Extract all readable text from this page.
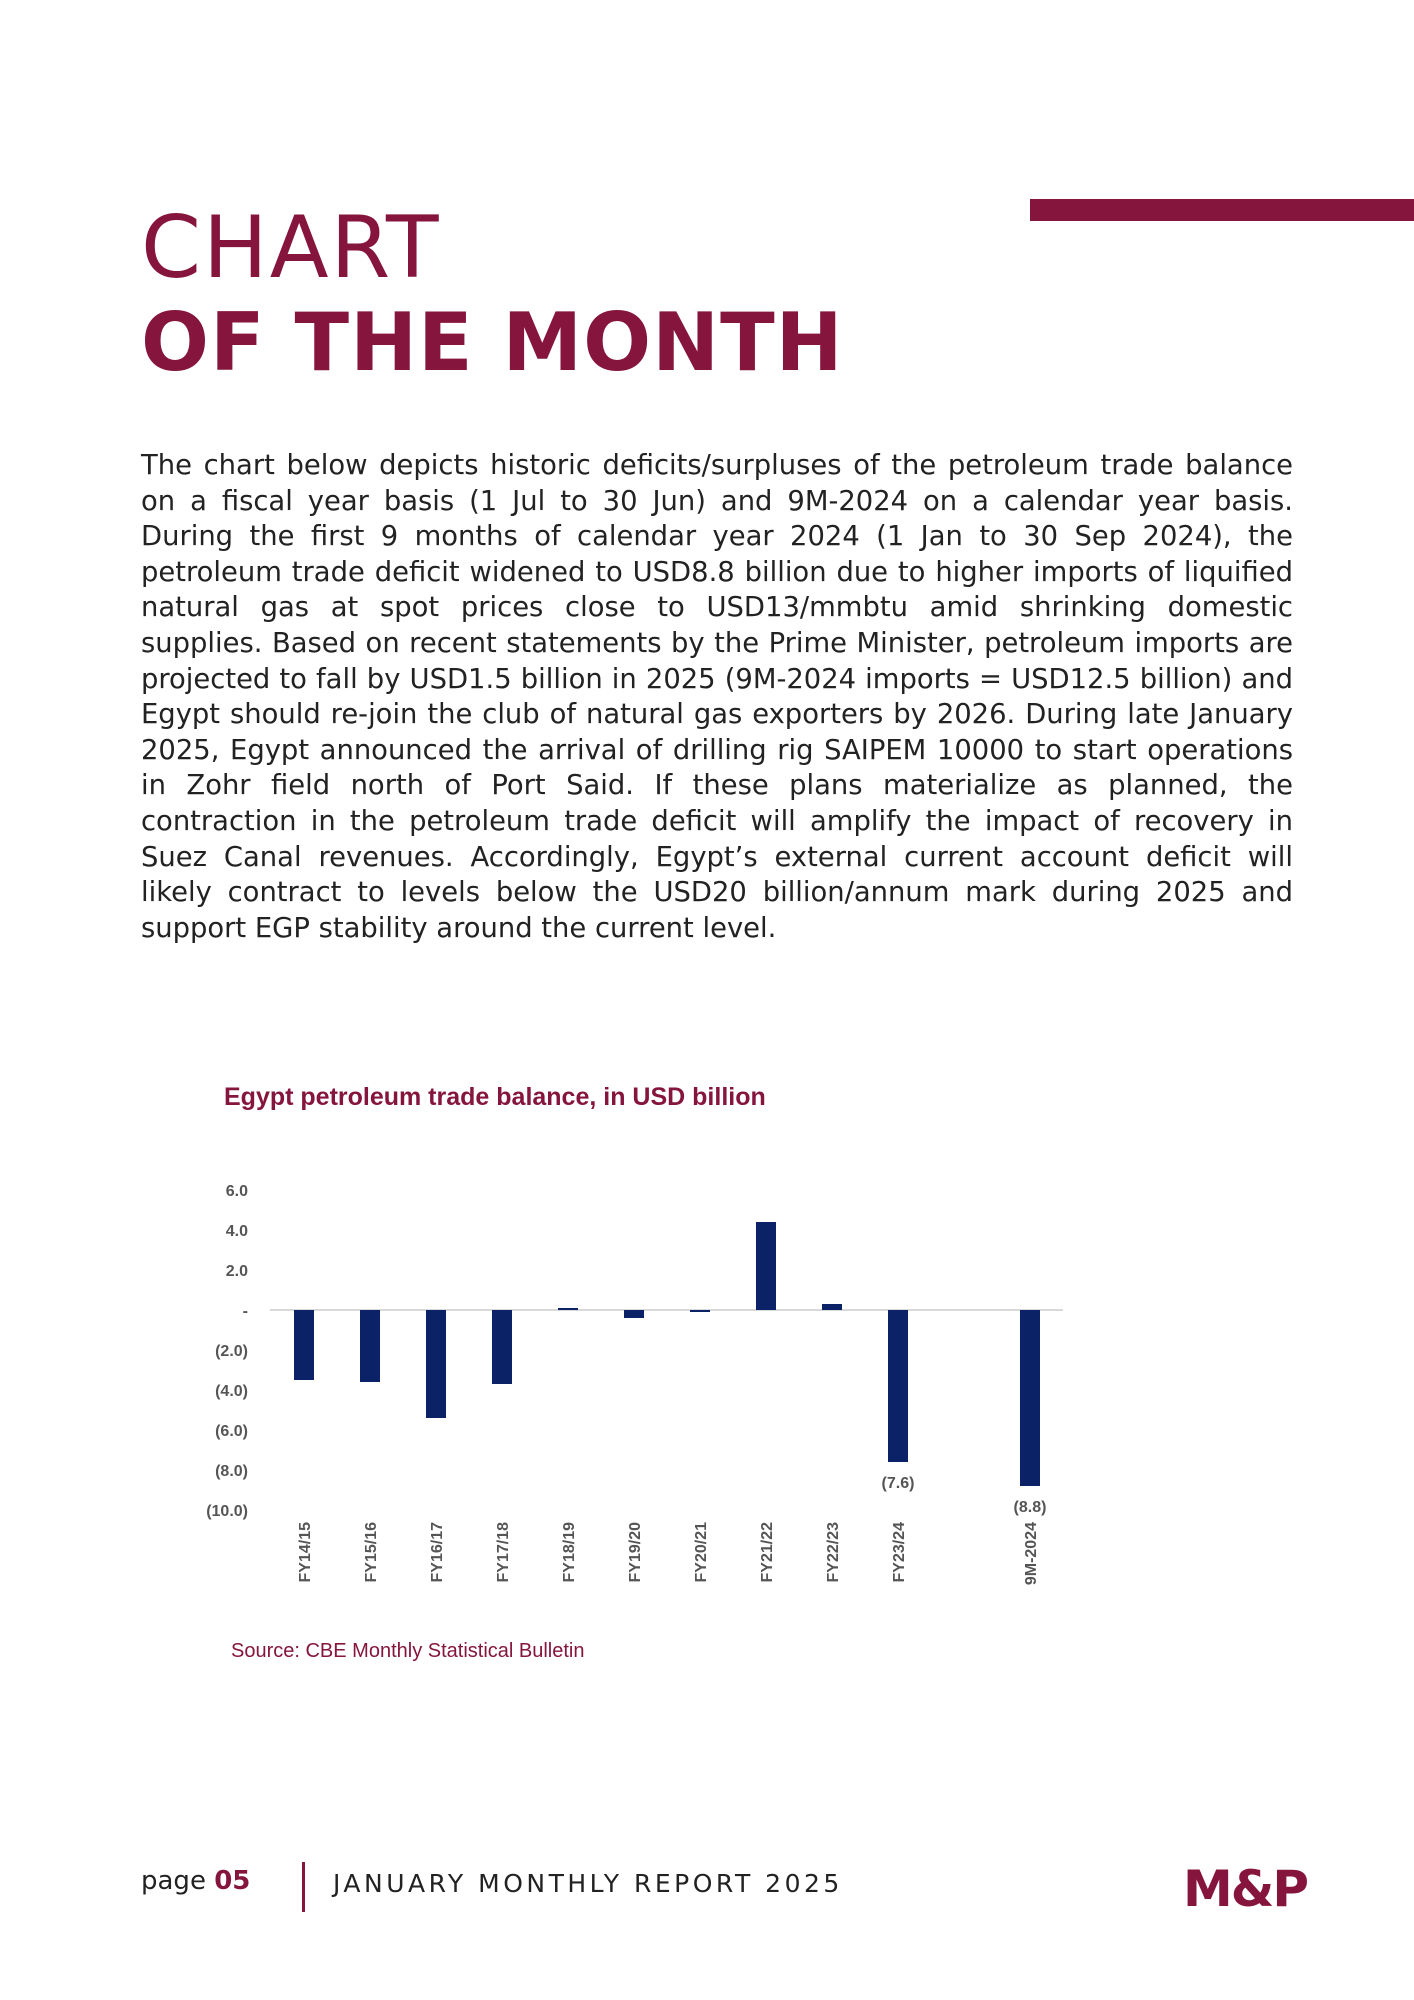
CHART
OF THE MONTH

The chart below depicts historic deficits/surpluses of the petroleum trade balance on a fiscal year basis (1 Jul to 30 Jun) and 9M-2024 on a calendar year basis. During the first 9 months of calendar year 2024 (1 Jan to 30 Sep 2024), the petroleum trade deficit widened to USD8.8 billion due to higher imports of liquified natural gas at spot prices close to USD13/mmbtu amid shrinking domestic supplies. Based on recent statements by the Prime Minister, petroleum imports are projected to fall by USD1.5 billion in 2025 (9M-2024 imports = USD12.5 billion) and Egypt should re-join the club of natural gas exporters by 2026. During late January 2025, Egypt announced the arrival of drilling rig SAIPEM 10000 to start operations in Zohr field north of Port Said. If these plans materialize as planned, the contraction in the petroleum trade deficit will amplify the impact of recovery in Suez Canal revenues. Accordingly, Egypt’s external current account deficit will likely contract to levels below the USD20 billion/annum mark during 2025 and support EGP stability around the current level.

Egypt petroleum trade balance, in USD billion
6.0
4.0
2.0
-
(2.0)
(4.0)
(6.0)
(8.0)
(10.0)
(7.6)
(8.8)
FY14/15	FY15/16	FY16/17	FY17/18	FY18/19	FY19/20	FY20/21	FY21/22	FY22/23	FY23/24	9M-2024
Source: CBE Monthly Statistical Bulletin
page 05	JANUARY MONTHLY REPORT 2025	M&P
